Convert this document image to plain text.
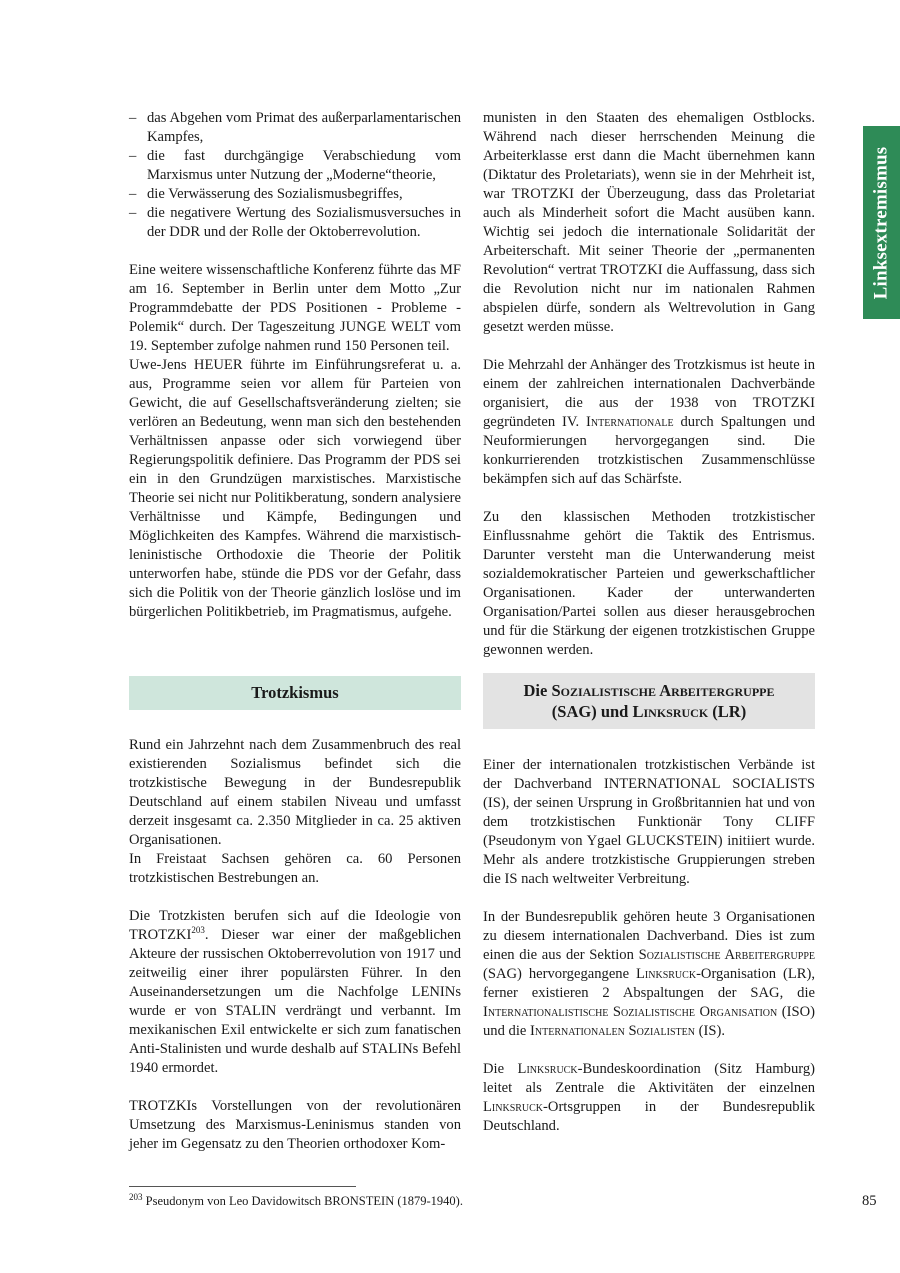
Linksextremismus
– das Abgehen vom Primat des außerparlamentarischen Kampfes,
– die fast durchgängige Verabschiedung vom Marxismus unter Nutzung der „Moderne“theorie,
– die Verwässerung des Sozialismusbegriffes,
– die negativere Wertung des Sozialismusversuches in der DDR und der Rolle der Oktoberrevolution.

Eine weitere wissenschaftliche Konferenz führte das MF am 16. September in Berlin unter dem Motto „Zur Programmdebatte der PDS Positionen - Probleme - Polemik“ durch. Der Tageszeitung JUNGE WELT vom 19. September zufolge nahmen rund 150 Personen teil.

Uwe-Jens HEUER führte im Einführungsreferat u. a. aus, Programme seien vor allem für Parteien von Gewicht, die auf Gesellschaftsveränderung zielten; sie verlören an Bedeutung, wenn man sich den bestehenden Verhältnissen anpasse oder sich vorwiegend über Regierungspolitik definiere. Das Programm der PDS sei ein in den Grundzügen marxistisches. Marxistische Theorie sei nicht nur Politikberatung, sondern analysiere Verhältnisse und Kämpfe, Bedingungen und Möglichkeiten des Kampfes. Während die marxistisch-leninistische Orthodoxie die Theorie der Politik unterworfen habe, stünde die PDS vor der Gefahr, dass sich die Politik von der Theorie gänzlich loslöse und im bürgerlichen Politikbetrieb, im Pragmatismus, aufgehe.

Trotzkismus

Rund ein Jahrzehnt nach dem Zusammenbruch des real existierenden Sozialismus befindet sich die trotzkistische Bewegung in der Bundesrepublik Deutschland auf einem stabilen Niveau und umfasst derzeit insgesamt ca. 2.350 Mitglieder in ca. 25 aktiven Organisationen.

In Freistaat Sachsen gehören ca. 60 Personen trotzkistischen Bestrebungen an.

Die Trotzkisten berufen sich auf die Ideologie von TROTZKI$^{203}$. Dieser war einer der maßgeblichen Akteure der russischen Oktoberrevolution von 1917 und zeitweilig einer ihrer populärsten Führer. In den Auseinandersetzungen um die Nachfolge LENINs wurde er von STALIN verdrängt und verbannt. Im mexikanischen Exil entwickelte er sich zum fanatischen Anti-Stalinisten und wurde deshalb auf STALINs Befehl 1940 ermordet.

TROTZKIs Vorstellungen von der revolutionären Umsetzung des Marxismus-Leninismus standen von jeher im Gegensatz zu den Theorien orthodoxer Kom-

munisten in den Staaten des ehemaligen Ostblocks. Während nach dieser herrschenden Meinung die Arbeiterklasse erst dann die Macht übernehmen kann (Diktatur des Proletariats), wenn sie in der Mehrheit ist, war TROTZKI der Überzeugung, dass das Proletariat auch als Minderheit sofort die Macht ausüben kann. Wichtig sei jedoch die internationale Solidarität der Arbeiterschaft. Mit seiner Theorie der „permanenten Revolution“ vertrat TROTZKI die Auffassung, dass sich die Revolution nicht nur im nationalen Rahmen abspielen dürfe, sondern als Weltrevolution in Gang gesetzt werden müsse.

Die Mehrzahl der Anhänger des Trotzkismus ist heute in einem der zahlreichen internationalen Dachverbände organisiert, die aus der 1938 von TROTZKI gegründeten IV. Internationale durch Spaltungen und Neuformierungen hervorgegangen sind. Die konkurrierenden trotzkistischen Zusammenschlüsse bekämpfen sich auf das Schärfste.

Zu den klassischen Methoden trotzkistischer Einflussnahme gehört die Taktik des Entrismus. Darunter versteht man die Unterwanderung meist sozialdemokratischer Parteien und gewerkschaftlicher Organisationen. Kader der unterwanderten Organisation/Partei sollen aus dieser herausgebrochen und für die Stärkung der eigenen trotzkistischen Gruppe gewonnen werden.

Die Sozialistische Arbeitergruppe
(SAG) und Linksruck (LR)

Einer der internationalen trotzkistischen Verbände ist der Dachverband INTERNATIONAL SOCIALISTS (IS), der seinen Ursprung in Großbritannien hat und von dem trotzkistischen Funktionär Tony CLIFF (Pseudonym von Ygael GLUCKSTEIN) initiiert wurde. Mehr als andere trotzkistische Gruppierungen streben die IS nach weltweiter Verbreitung.

In der Bundesrepublik gehören heute 3 Organisationen zu diesem internationalen Dachverband. Dies ist zum einen die aus der Sektion Sozialistische Arbeitergruppe (SAG) hervorgegangene Linksruck-Organisation (LR), ferner existieren 2 Abspaltungen der SAG, die Internationalistische Sozialistische Organisation (ISO) und die Internationalen Sozialisten (IS).

Die Linksruck-Bundeskoordination (Sitz Hamburg) leitet als Zentrale die Aktivitäten der einzelnen Linksruck-Ortsgruppen in der Bundesrepublik Deutschland.

$^{203}$ Pseudonym von Leo Davidowitsch BRONSTEIN (1879-1940).	85
